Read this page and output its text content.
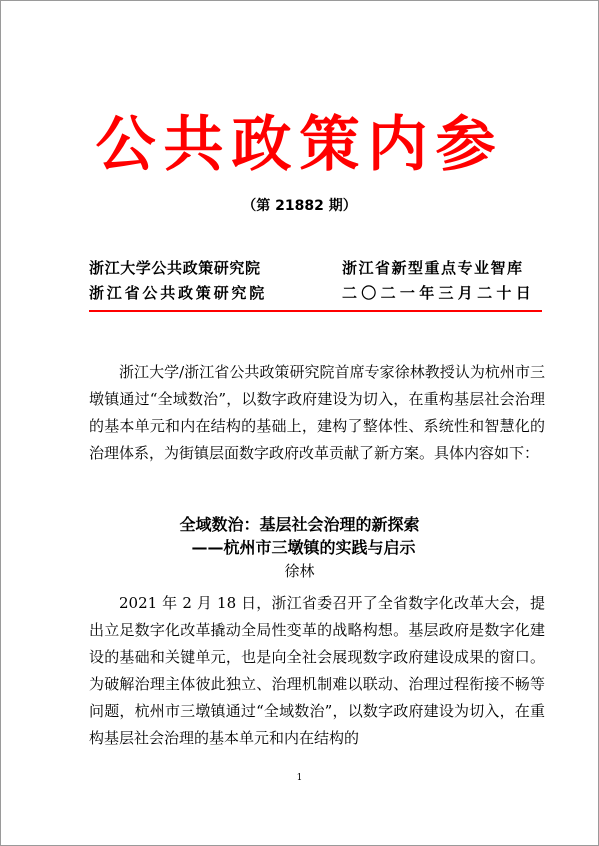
公共政策内参
（第 21882 期）
浙江大学公共政策研究院	浙江省新型重点专业智库
浙江省公共政策研究院	二〇二一年三月二十日
浙江大学/浙江省公共政策研究院首席专家徐林教授认为杭州市三墩镇通过“全域数治”，以数字政府建设为切入，在重构基层社会治理的基本单元和内在结构的基础上，建构了整体性、系统性和智慧化的治理体系，为街镇层面数字政府改革贡献了新方案。具体内容如下：
全域数治：基层社会治理的新探索
——杭州市三墩镇的实践与启示
徐林
2021 年 2 月 18 日，浙江省委召开了全省数字化改革大会，提出立足数字化改革撬动全局性变革的战略构想。基层政府是数字化建设的基础和关键单元，也是向全社会展现数字政府建设成果的窗口。为破解治理主体彼此独立、治理机制难以联动、治理过程衔接不畅等问题，杭州市三墩镇通过“全域数治”，以数字政府建设为切入，在重构基层社会治理的基本单元和内在结构的
1
